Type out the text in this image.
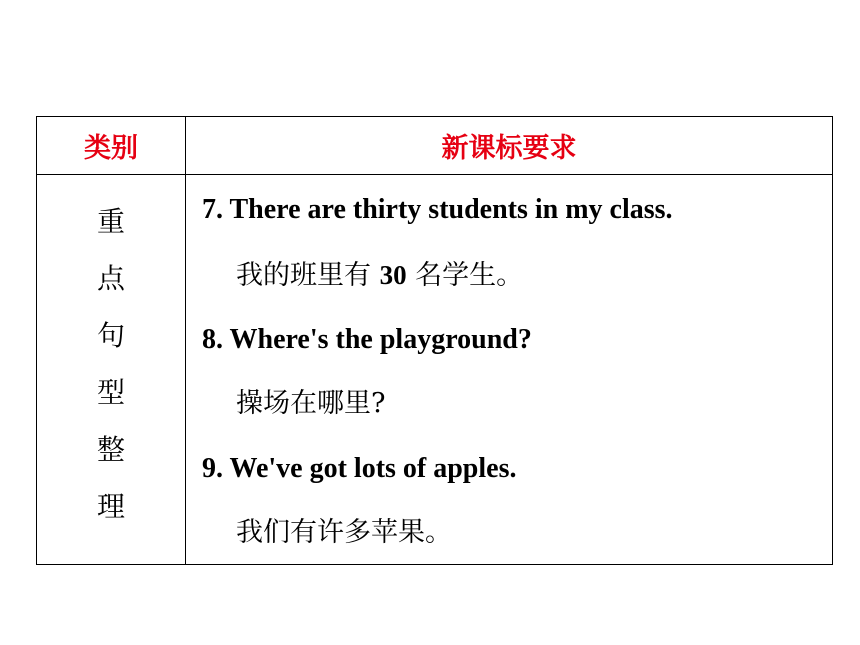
类别	新课标要求
重
点
句
型
整
理
7. There are thirty students in my class.
我的班里有 30 名学生。
8. Where's the playground?
操场在哪里?
9. We've got lots of apples.
我们有许多苹果。
